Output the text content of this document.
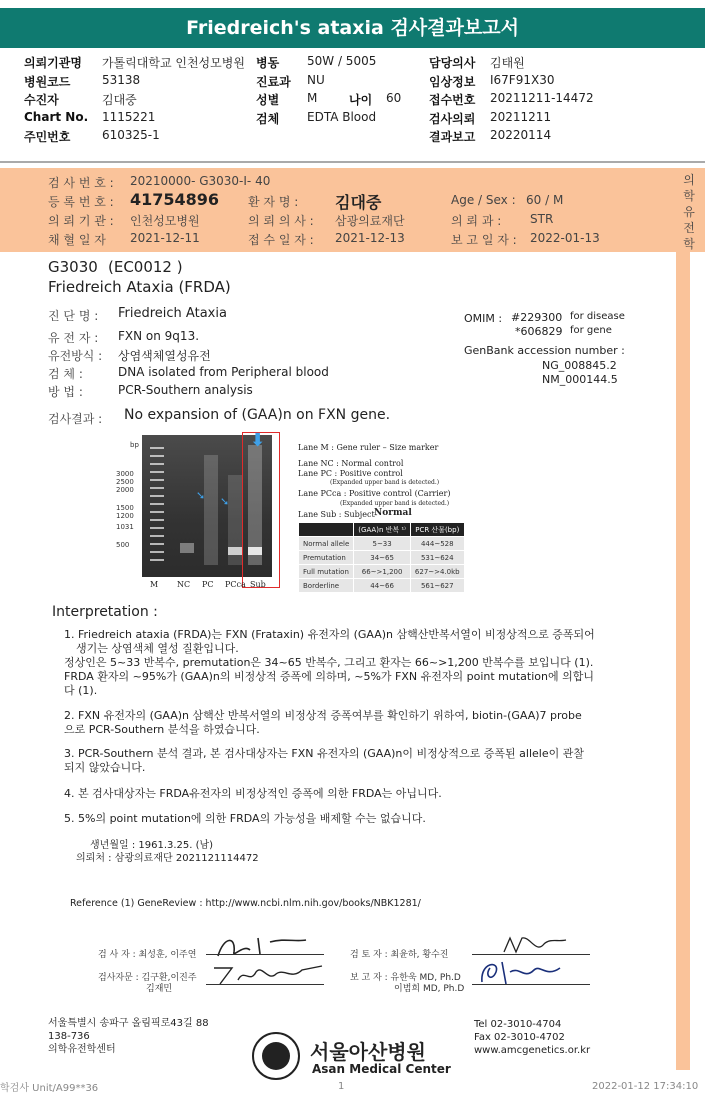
Friedreich's ataxia 검사결과보고서
의뢰기관명 가톨릭대학교 인천성모병원 병동 50W / 5005	담당의사 김태원
병원코드	53138	진료과 NU	임상정보 I67F91X30
수진자	김대중	성별 M	나이 60 접수번호 20211211-14472
Chart No. 1115221	검체 EDTA Blood	검사의뢰 20211211
주민번호	610325-1	결과보고 20220114
검 사 번 호 : 20210000- G3030-I- 40
등 록 번 호 : 41754896 환 자 명 : 김대중	Age / Sex : 60 / M
의 뢰 기 관 : 인천성모병원	의 뢰 의 사 : 삼광의료재단	의 뢰 과 : STR
채 혈 일 자 2021-12-11	접 수 일 자 : 2021-12-13	보 고 일 자 : 2022-01-13
의
학
유
전
학
G3030 (EC0012 )
Friedreich Ataxia (FRDA)
진 단 명 : Friedreich Ataxia
유 전 자 : FXN on 9q13.
유전방식 : 상염색체열성유전
검 체 :	DNA isolated from Peripheral blood
방 법 :	PCR-Southern analysis
OMIM : #229300 for disease
*606829 for gene
GenBank accession number :
NG_008845.2
NM_000144.5
검사결과 : No expansion of (GAA)n on FXN gene.
bp
3000
2500
2000
1500
1200
1031
500
⬇
➘ ➘
M NC PC PCca Sub
Lane M : Gene ruler – Size marker
Lane NC : Normal control
Lane PC : Positive control
(Expanded upper band is detected.)
Lane PCca : Positive control (Carrier)
(Expanded upper band is detected.)
Lane Sub : Subject-
Normal
	(GAA)n 반복 ¹⁾	PCR 산물(bp)
Normal allele	5~33	444~528
Premutation	34~65	531~624
Full mutation	66~>1,200	627~>4.0kb
Borderline	44~66	561~627
Interpretation :
1. Friedreich ataxia (FRDA)는 FXN (Frataxin) 유전자의 (GAA)n 삼핵산반복서열이 비정상적으로 증폭되어
생기는 상염색체 열성 질환입니다.
정상인은 5~33 반복수, premutation은 34~65 반복수, 그리고 환자는 66~>1,200 반복수를 보입니다 (1).
FRDA 환자의 ~95%가 (GAA)n의 비정상적 증폭에 의하며, ~5%가 FXN 유전자의 point mutation에 의합니
다 (1).
2. FXN 유전자의 (GAA)n 삼핵산 반복서열의 비정상적 증폭여부를 확인하기 위하여, biotin-(GAA)7 probe
으로 PCR-Southern 분석을 하였습니다.
3. PCR-Southern 분석 결과, 본 검사대상자는 FXN 유전자의 (GAA)n이 비정상적으로 증폭된 allele이 관찰
되지 않았습니다.
4. 본 검사대상자는 FRDA유전자의 비정상적인 증폭에 의한 FRDA는 아닙니다.
5. 5%의 point mutation에 의한 FRDA의 가능성을 배제할 수는 없습니다.
생년월일 : 1961.3.25. (남)
의뢰처 : 삼광의료재단 2021121114472
Reference (1) GeneReview : http://www.ncbi.nlm.nih.gov/books/NBK1281/
검 사 자 : 최성훈, 이주연	검 토 자 : 최윤하, 황수진
검사자문 : 김구환,이진주
김재민
보 고 자 : 유한욱 MD, Ph.D
이범희 MD, Ph.D
서울특별시 송파구 올림픽로43길 88
138-736
의학유전학센터	서울아산병원
Asan Medical Center
Tel 02-3010-4704
Fax 02-3010-4702
www.amcgenetics.or.kr
학검사 Unit/A99**36	1	2022-01-12 17:34:10
